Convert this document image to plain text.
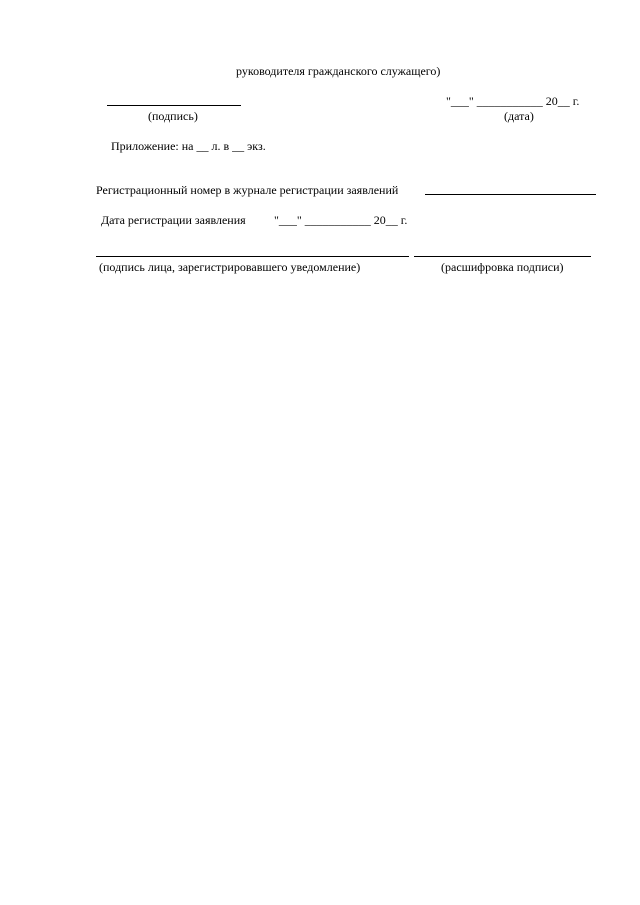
руководителя гражданского служащего)
(подпись)
"___" ___________ 20__ г.
(дата)
Приложение: на __ л. в __ экз.
Регистрационный номер в журнале регистрации заявлений
Дата регистрации заявления "___" ___________ 20__ г.
(подпись лица, зарегистрировавшего уведомление)	(расшифровка подписи)
